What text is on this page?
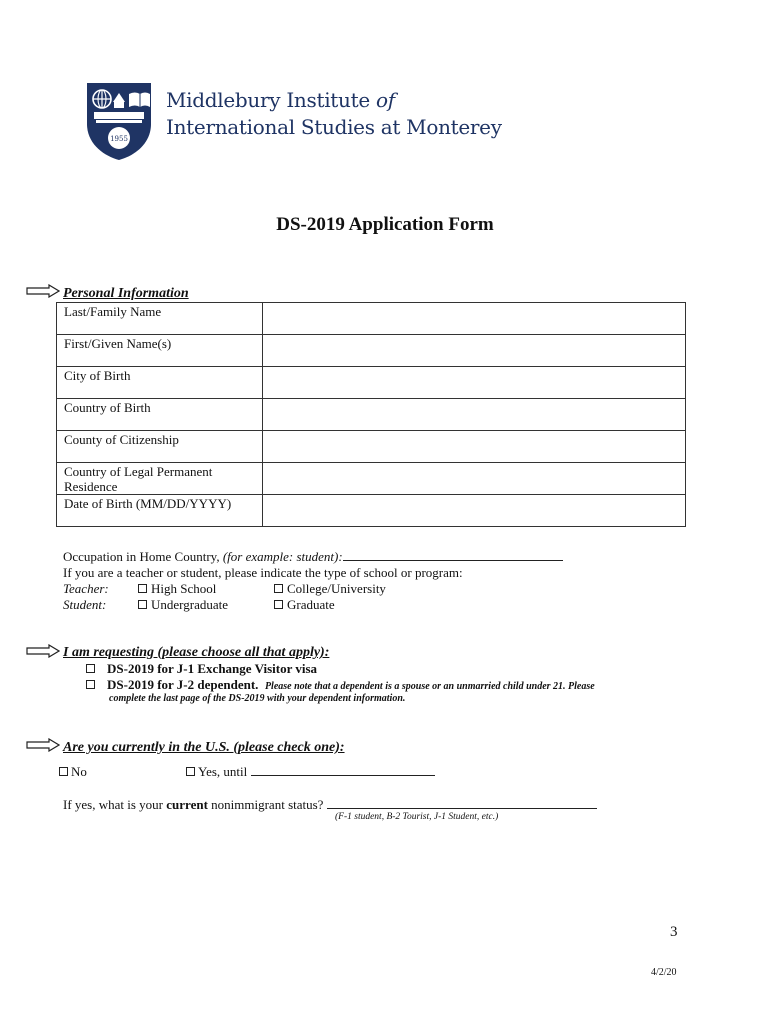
1955
Middlebury Institute of
International Studies at Monterey
DS-2019 Application Form
Personal Information
Last/Family Name	
First/Given Name(s)	
City of Birth	
Country of Birth	
County of Citizenship	
Country of Legal Permanent Residence	
Date of Birth (MM/DD/YYYY)	
Occupation in Home Country, (for example: student):
If you are a teacher or student, please indicate the type of school or program:
Teacher:	High School	College/University
Student:	Undergraduate	Graduate
I am requesting (please choose all that apply):
DS-2019 for J-1 Exchange Visitor visa
DS-2019 for J-2 dependent. Please note that a dependent is a spouse or an unmarried child under 21. Please
complete the last page of the DS-2019 with your dependent information.
Are you currently in the U.S. (please check one):
No	Yes, until
If yes, what is your current nonimmigrant status?
(F-1 student, B-2 Tourist, J-1 Student, etc.)
3
4/2/20
